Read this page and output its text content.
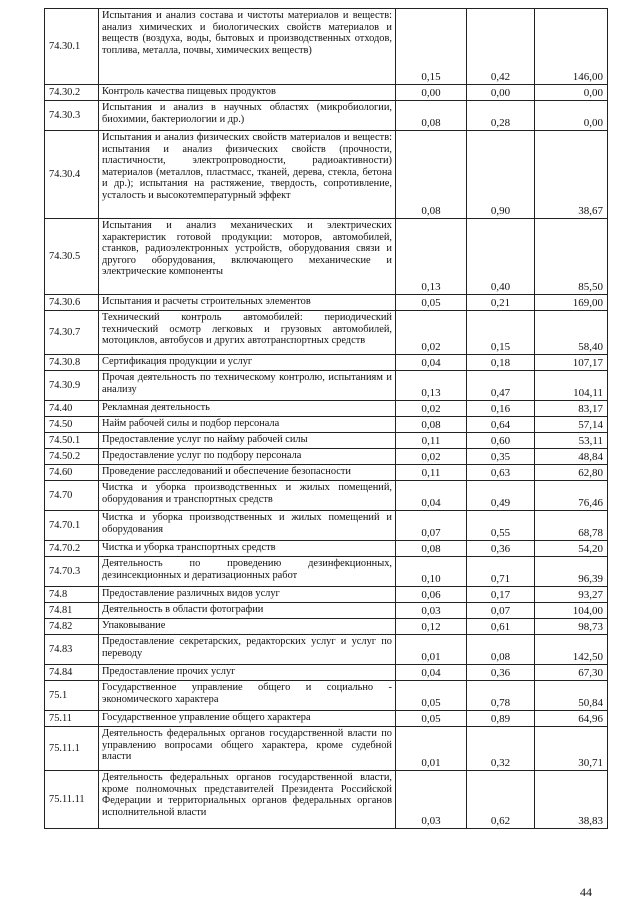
74.30.1	Испытания и анализ состава и чистоты материалов и веществ: анализ химических и биологических свойств материалов и веществ (воздуха, воды, бытовых и производственных отходов, топлива, металла, почвы, химических веществ)	0,15	0,42	146,00
74.30.2	Контроль качества пищевых продуктов	0,00	0,00	0,00
74.30.3	Испытания и анализ в научных областях (микробиологии, биохимии, бактериологии и др.)	0,08	0,28	0,00
74.30.4	Испытания и анализ физических свойств материалов и веществ: испытания и анализ физических свойств (прочности, пластичности, электропроводности, радиоактивности) материалов (металлов, пластмасс, тканей, дерева, стекла, бетона и др.); испытания на растяжение, твердость, сопротивление, усталость и высокотемпературный эффект	0,08	0,90	38,67
74.30.5	Испытания и анализ механических и электрических характеристик готовой продукции: моторов, автомобилей, станков, радиоэлектронных устройств, оборудования связи и другого оборудования, включающего механические и электрические компоненты	0,13	0,40	85,50
74.30.6	Испытания и расчеты строительных элементов	0,05	0,21	169,00
74.30.7	Технический контроль автомобилей: периодический технический осмотр легковых и грузовых автомобилей, мотоциклов, автобусов и других автотранспортных средств	0,02	0,15	58,40
74.30.8	Сертификация продукции и услуг	0,04	0,18	107,17
74.30.9	Прочая деятельность по техническому контролю, испытаниям и анализу	0,13	0,47	104,11
74.40	Рекламная деятельность	0,02	0,16	83,17
74.50	Найм рабочей силы и подбор персонала	0,08	0,64	57,14
74.50.1	Предоставление услуг по найму рабочей силы	0,11	0,60	53,11
74.50.2	Предоставление услуг по подбору персонала	0,02	0,35	48,84
74.60	Проведение расследований и обеспечение безопасности	0,11	0,63	62,80
74.70	Чистка и уборка производственных и жилых помещений, оборудования и транспортных средств	0,04	0,49	76,46
74.70.1	Чистка и уборка производственных и жилых помещений и оборудования	0,07	0,55	68,78
74.70.2	Чистка и уборка транспортных средств	0,08	0,36	54,20
74.70.3	Деятельность по проведению дезинфекционных, дезинсекционных и дератизационных работ	0,10	0,71	96,39
74.8	Предоставление различных видов услуг	0,06	0,17	93,27
74.81	Деятельность в области фотографии	0,03	0,07	104,00
74.82	Упаковывание	0,12	0,61	98,73
74.83	Предоставление секретарских, редакторских услуг и услуг по переводу	0,01	0,08	142,50
74.84	Предоставление прочих услуг	0,04	0,36	67,30
75.1	Государственное управление общего и социально - экономического характера	0,05	0,78	50,84
75.11	Государственное управление общего характера	0,05	0,89	64,96
75.11.1	Деятельность федеральных органов государственной власти по управлению вопросами общего характера, кроме судебной власти	0,01	0,32	30,71
75.11.11	Деятельность федеральных органов государственной власти, кроме полномочных представителей Президента Российской Федерации и территориальных органов федеральных органов исполнительной власти	0,03	0,62	38,83
44
